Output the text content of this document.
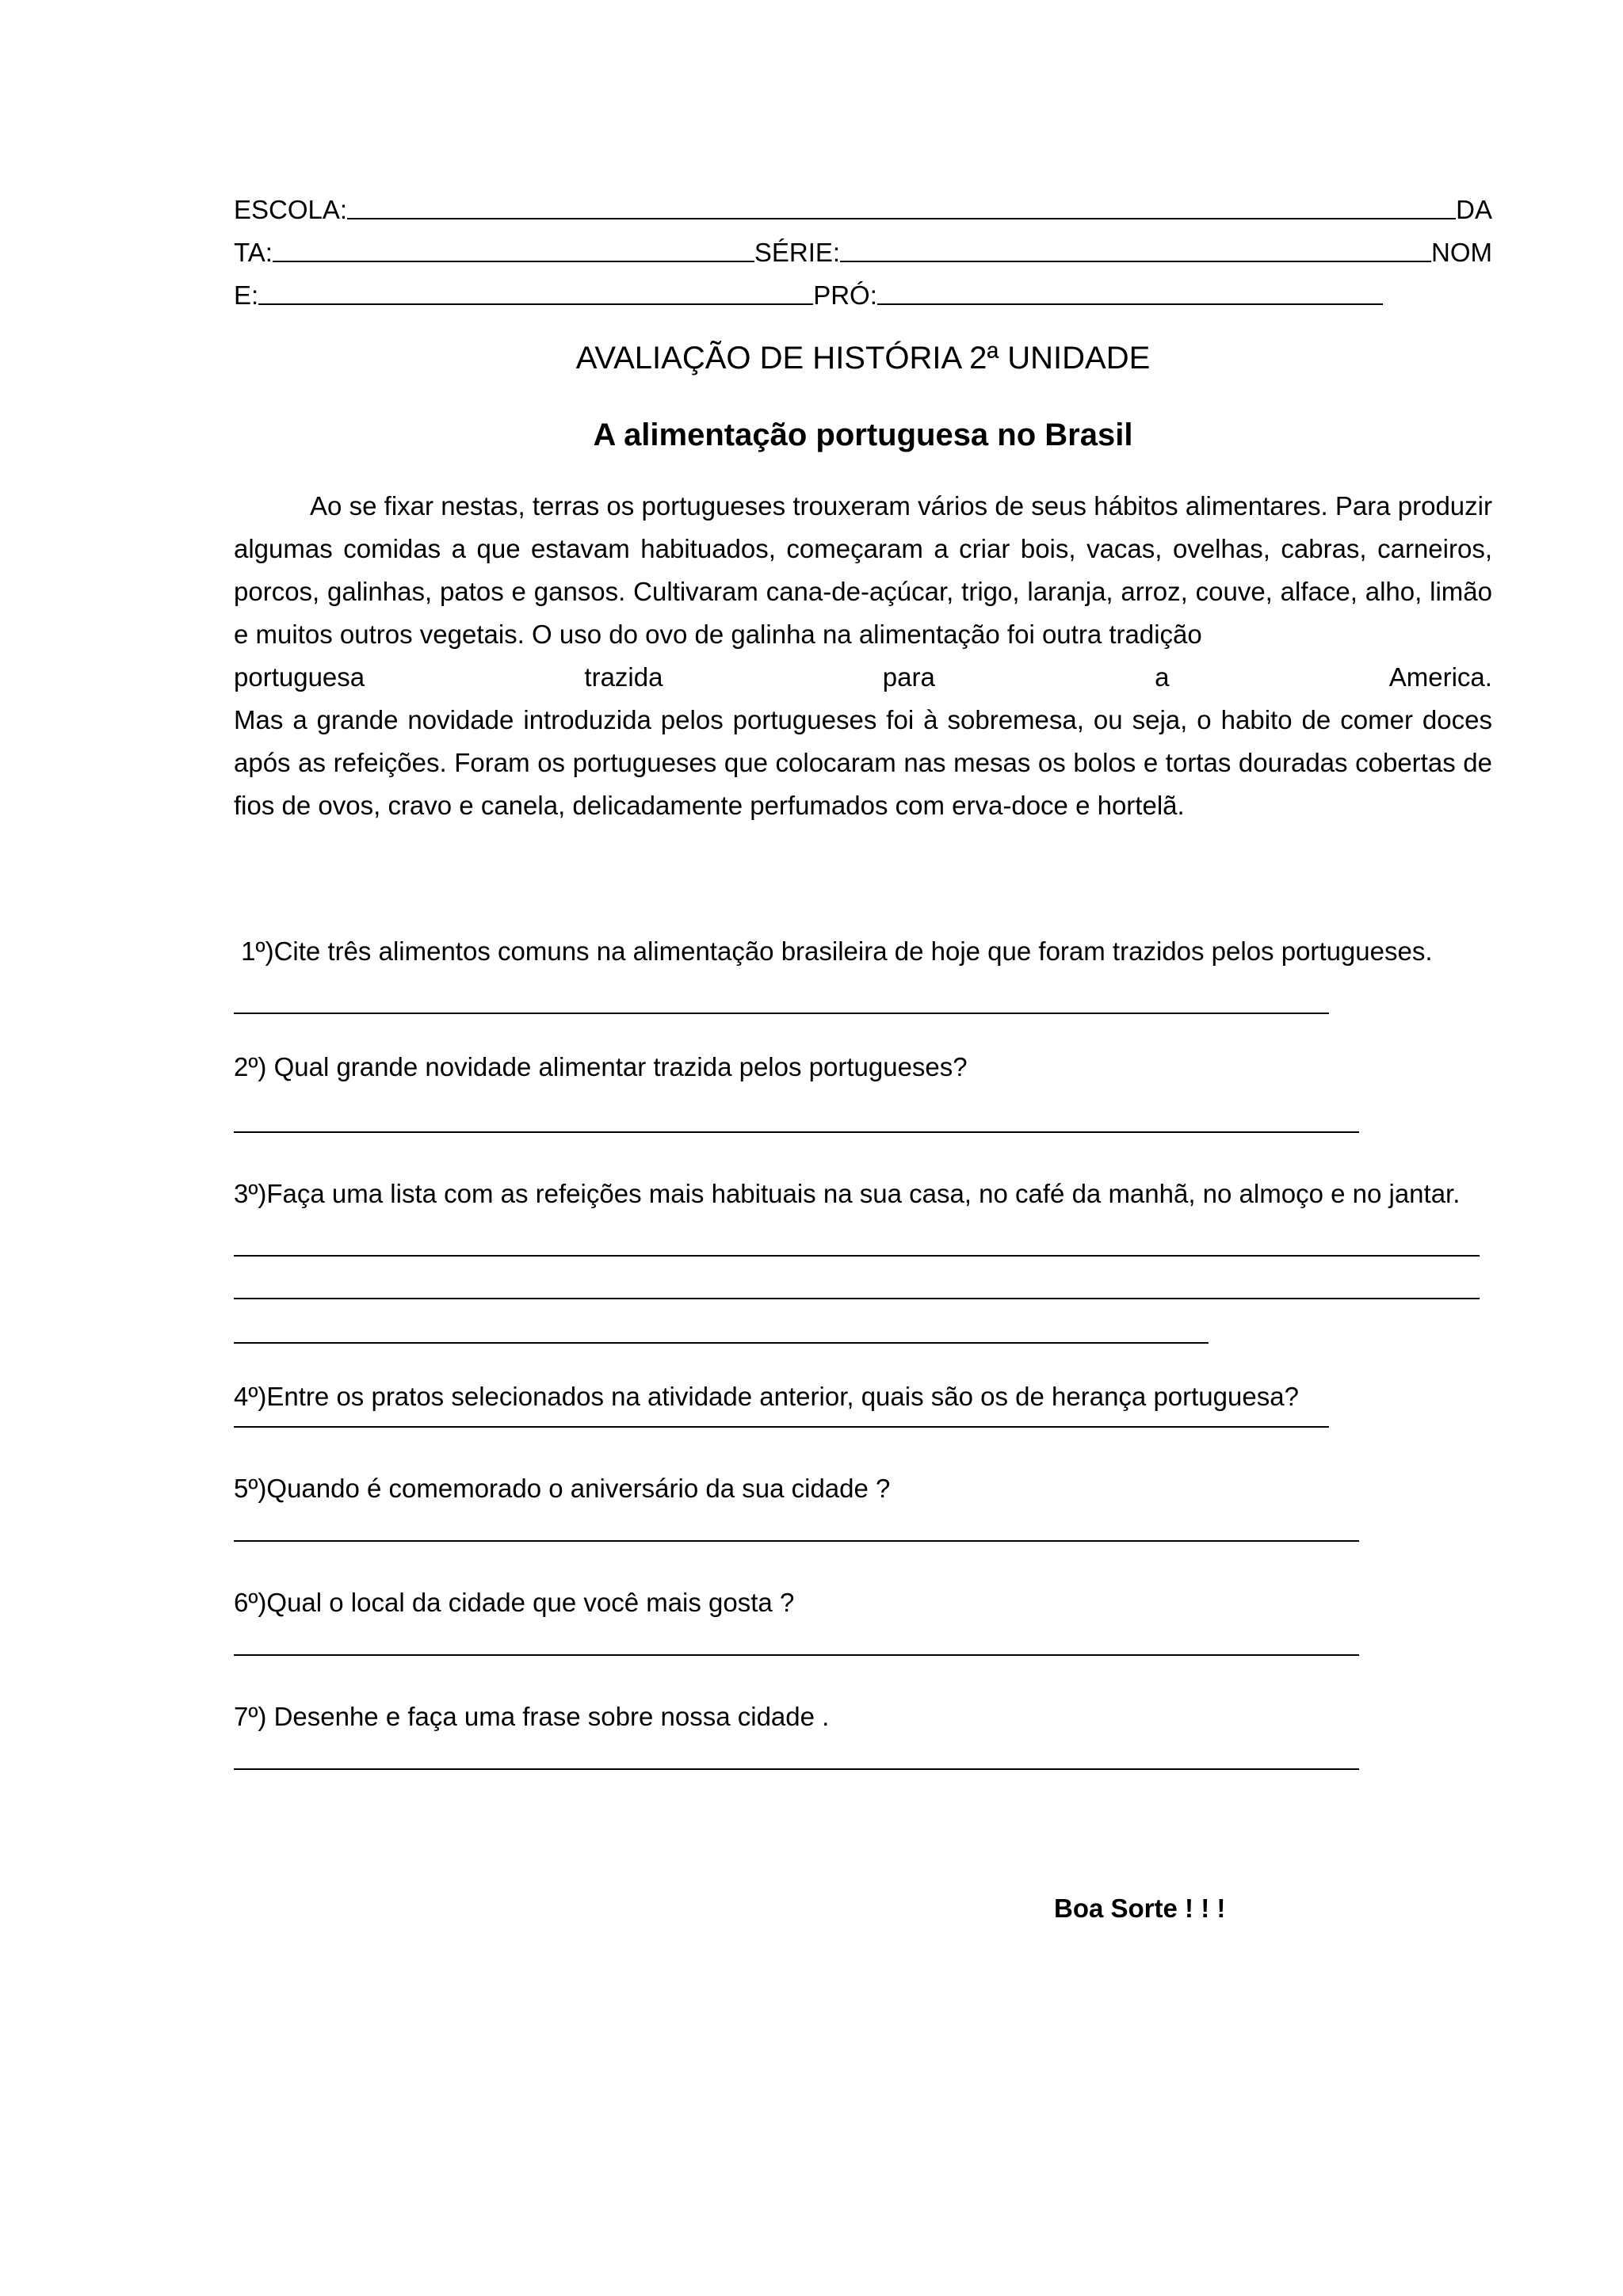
ESCOLA:	DA
TA:	SÉRIE:	NOM
E:	PRÓ:
AVALIAÇÃO DE HISTÓRIA 2ª UNIDADE
A alimentação portuguesa no Brasil
Ao se fixar nestas, terras os portugueses trouxeram vários de seus hábitos alimentares. Para produzir algumas comidas a que estavam habituados, começaram a criar bois, vacas, ovelhas, cabras, carneiros, porcos, galinhas, patos e gansos. Cultivaram cana-de-açúcar, trigo, laranja, arroz, couve, alface, alho, limão e muitos outros vegetais. O uso do ovo de galinha na alimentação foi outra tradição
portuguesa	trazida	para	a	America.
Mas a grande novidade introduzida pelos portugueses foi à sobremesa, ou seja, o habito de comer doces após as refeições. Foram os portugueses que colocaram nas mesas os bolos e tortas douradas cobertas de fios de ovos, cravo e canela, delicadamente perfumados com erva-doce e hortelã.
1º)Cite três alimentos comuns na alimentação brasileira de hoje que foram trazidos pelos portugueses.
2º) Qual grande novidade alimentar trazida pelos portugueses?
3º)Faça uma lista com as refeições mais habituais na sua casa, no café da manhã, no almoço e no jantar.
4º)Entre os pratos selecionados na atividade anterior, quais são os de herança portuguesa?
5º)Quando é comemorado o aniversário da sua cidade ?
6º)Qual o local da cidade que você mais gosta ?
7º) Desenhe e faça uma frase sobre nossa cidade .
Boa Sorte ! ! !
